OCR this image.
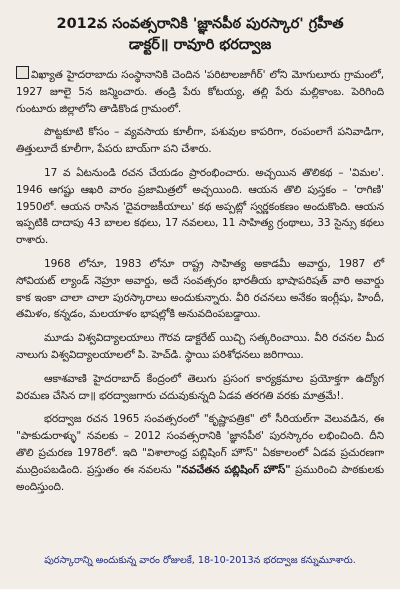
2012వ సంవత్సరానికి 'జ్ఞానపీఠ పురస్కార' గ్రహీత
డాక్టర్॥ రావూరి భరద్వాజ

విఖ్యాత హైదరాబాదు సంస్థానానికి చెందిన 'పరిటాలజాగీర్' లోని మోగులూరు గ్రామంలో, 1927 జూలై 5న జన్మించారు. తండ్రి పేరు కోటయ్య, తల్లి పేరు మల్లికాంబ. పెరిగింది గుంటూరు జిల్లాలోని తాడికొండ గ్రామంలో.

పొట్టకూటి కోసం – వ్యవసాయ కూలీగా, పశువుల కాపరిగా, రంపంలాగే పనివాడిగా, తిత్తులూదే కూలీగా, పేపరు బాయ్‌గా పని చేశారు.

17 వ ఏటనుండి రచన చేయడం ప్రారంభించారు. అచ్చయిన తొలికథ – 'విమల'. 1946 ఆగష్టు ఆఖరి వారం ప్రజామిత్రలో అచ్చయింది. ఆయన తొలి పుస్తకం – 'రాగిణి' 1950లో. ఆయన రాసిన 'దైవరాజకీయాలు' కథ అప్పట్లో స్వర్ణకంకణం అందుకొంది. ఆయన ఇప్పటికి దాదాపు 43 బాలల కథలు, 17 నవలలు, 11 సాహిత్య గ్రంథాలు, 33 సైన్సు కథలు రాశారు.

1968 లోనూ, 1983 లోనూ రాష్ట్ర సాహిత్య అకాడమీ అవార్డు, 1987 లో సోవియట్ ల్యాండ్ నెహ్రూ అవార్డు, అదే సంవత్సరం భారతీయ భాషాపరిషత్ వారి అవార్డు కాక ఇంకా చాలా చాలా పురస్కారాలు అందుకున్నారు. వీరి రచనలు అనేకం ఇంగ్లీషు, హిందీ, తమిళం, కన్నడం, మలయాళం భాషల్లోకి అనువదింపబడ్డాయి.

మూడు విశ్వవిద్యాలయాలు గౌరవ డాక్టరేట్ యిచ్చి సత్కరించాయి. వీరి రచనల మీద నాలుగు విశ్వవిద్యాలయాలలో పి. హెచ్‌డి. స్థాయి పరిశోధనలు జరిగాయి.

ఆకాశవాణి హైదరాబాద్ కేంద్రంలో తెలుగు ప్రసంగ కార్యక్రమాల ప్రయోక్తగా ఉద్యోగ విరమణ చేసిన దా॥ భరద్వాజగారు చదువుకున్నది ఏడవ తరగతి వరకు మాత్రమే!.

భరద్వాజ రచన 1965 సంవత్సరంలో "కృష్ణాపత్రిక" లో సీరియల్‌గా వెలువడిన, ఈ "పాకుడురాళ్ళు" నవలకు – 2012 సంవత్సరానికి 'జ్ఞానపీఠ' పురస్కారం లభించింది. దీని తొలి ప్రచురణ 1978లో. ఇది "విశాలాంధ్ర పబ్లిషింగ్ హౌస్" ఏకకాలంలో ఏడవ ప్రచురణగా ముద్రింపబడింది. ప్రస్తుతం ఈ నవలను "నవచేతన పబ్లిషింగ్ హౌస్" ప్రమురించి పాఠకులకు అందిస్తుంది.

పురస్కారాన్ని అందుకున్న వారం రోజులకే, 18-10-2013న భరద్వాజ కన్నుమూశారు.
